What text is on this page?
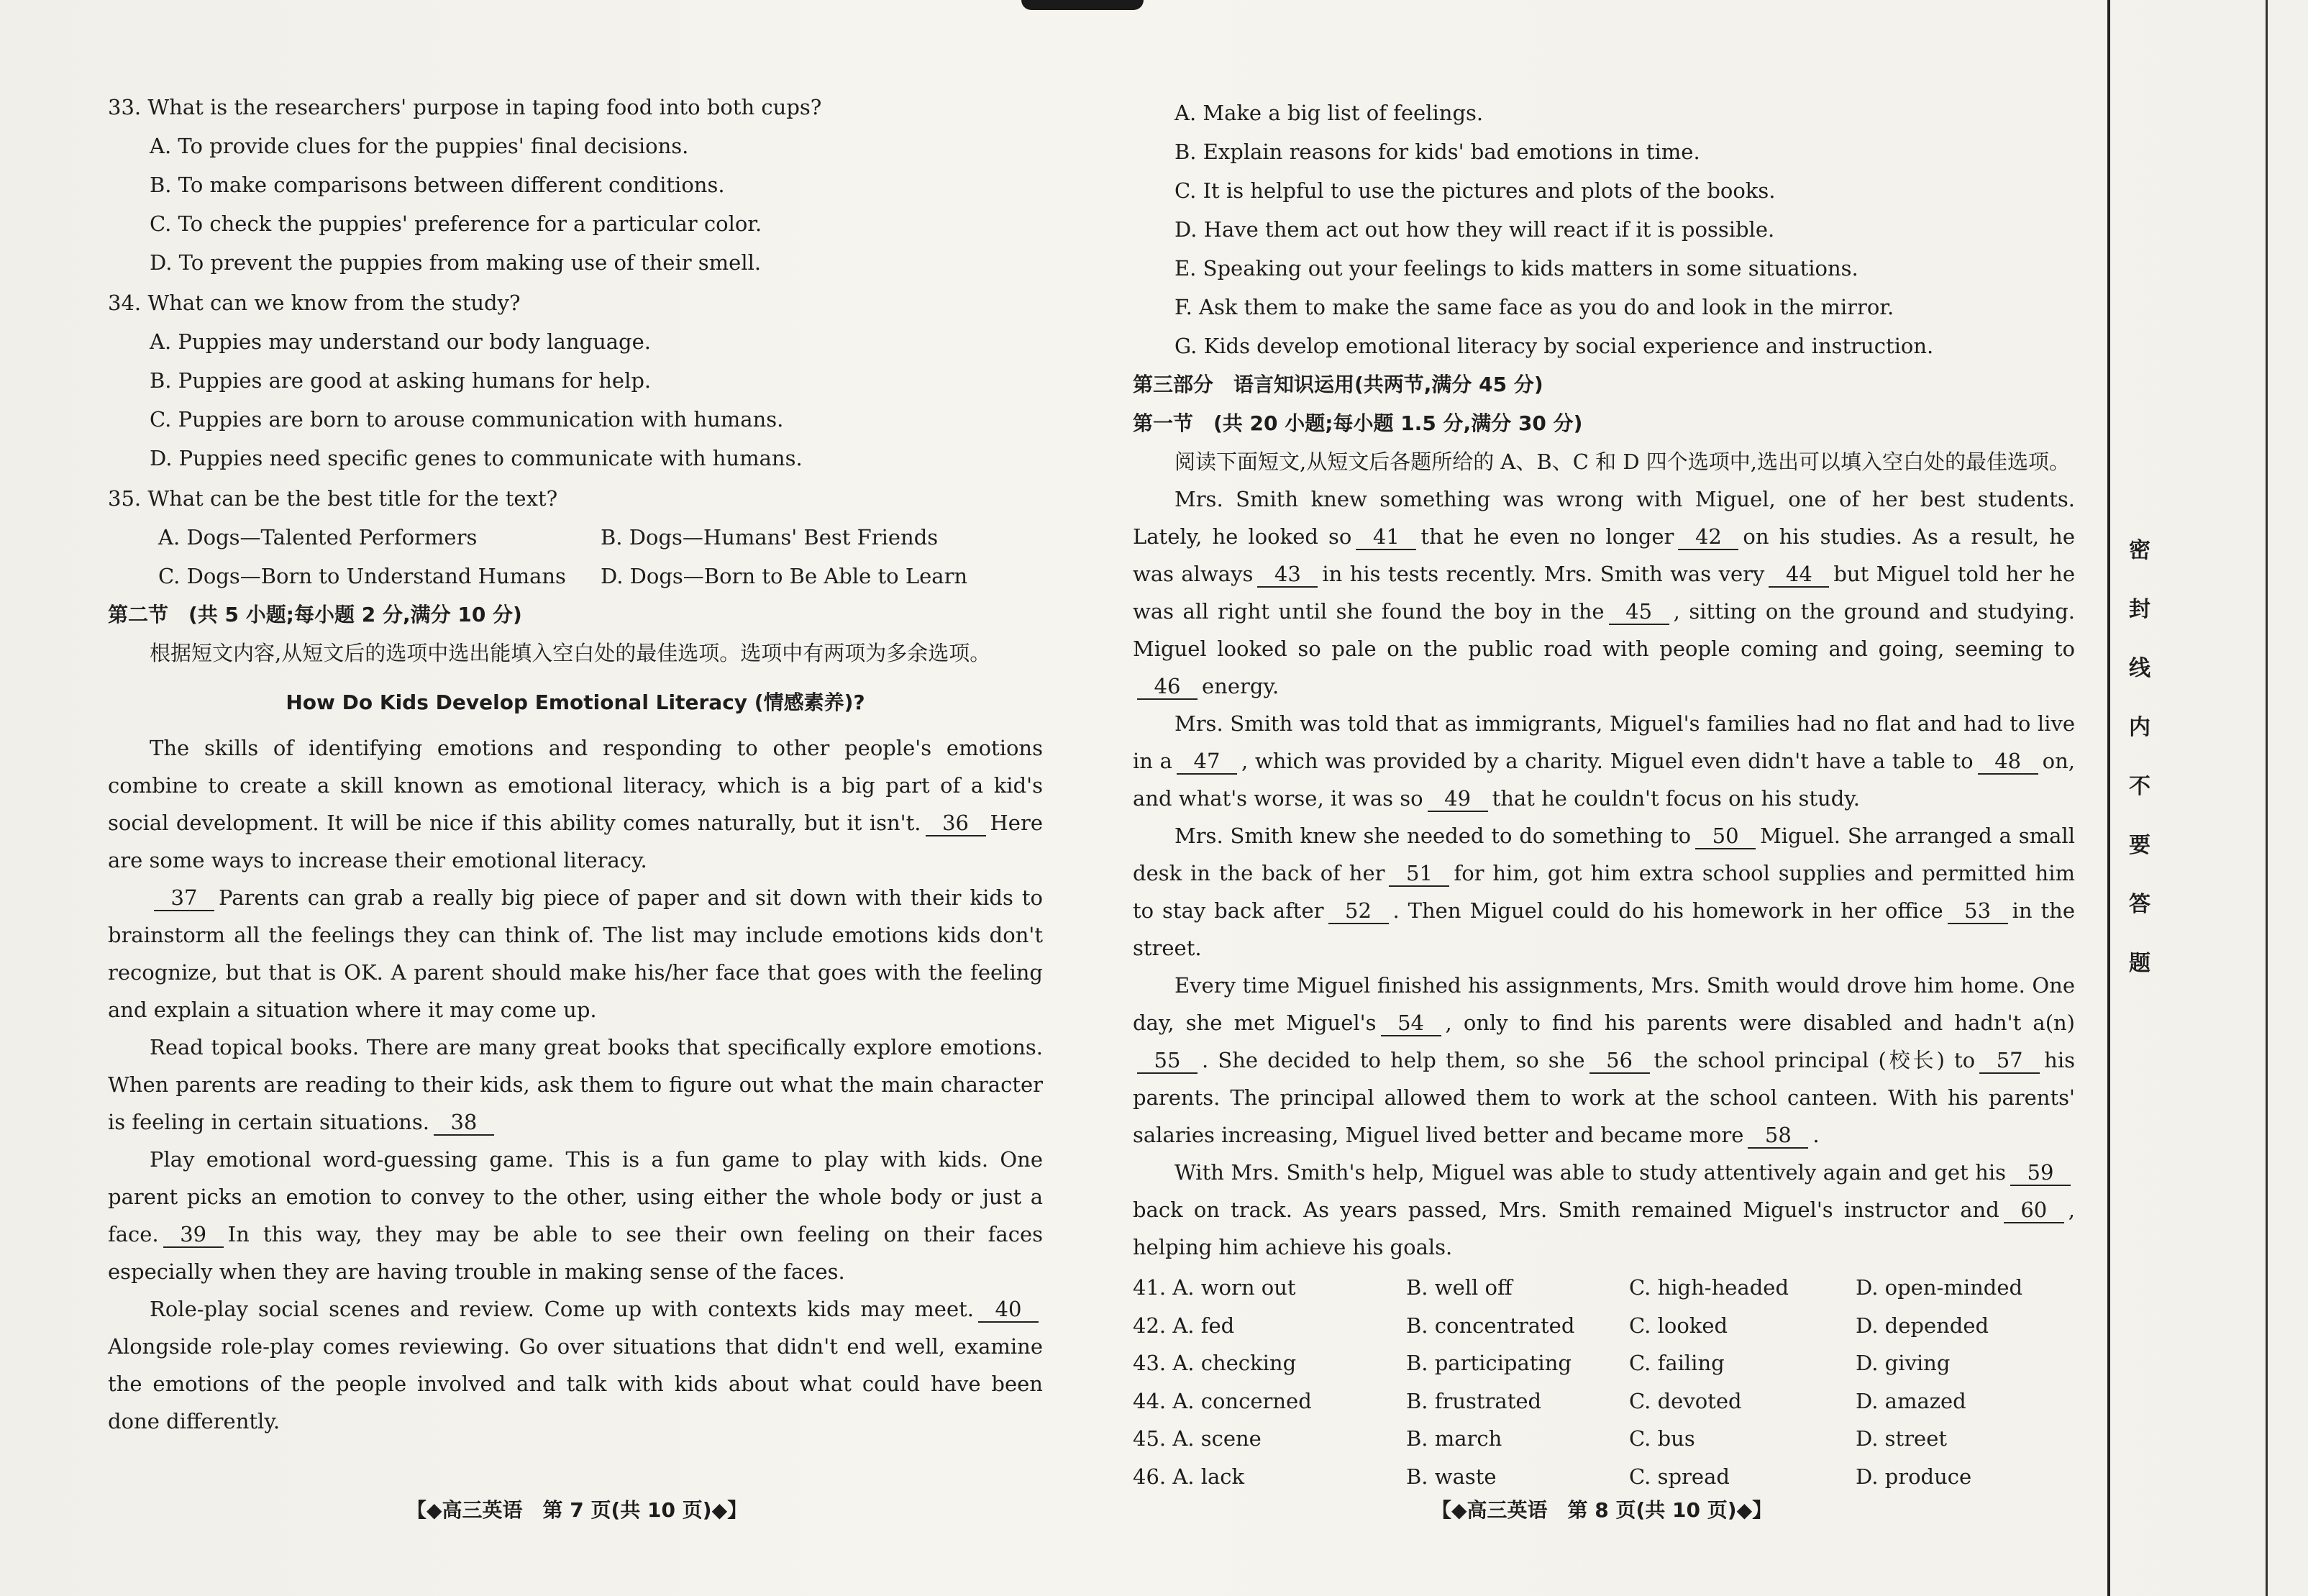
33. What is the researchers' purpose in taping food into both cups?

A. To provide clues for the puppies' final decisions.

B. To make comparisons between different conditions.

C. To check the puppies' preference for a particular color.

D. To prevent the puppies from making use of their smell.

34. What can we know from the study?

A. Puppies may understand our body language.

B. Puppies are good at asking humans for help.

C. Puppies are born to arouse communication with humans.

D. Puppies need specific genes to communicate with humans.

35. What can be the best title for the text?

A. Dogs—Talented Performers	B. Dogs—Humans' Best Friends
C. Dogs—Born to Understand Humans	D. Dogs—Born to Be Able to Learn

第二节　(共 5 小题;每小题 2 分,满分 10 分)

根据短文内容,从短文后的选项中选出能填入空白处的最佳选项。选项中有两项为多余选项。

How Do Kids Develop Emotional Literacy (情感素养)?

The skills of identifying emotions and responding to other people's emotions combine to create a skill known as emotional literacy, which is a big part of a kid's social development. It will be nice if this ability comes naturally, but it isn't. 36 Here are some ways to increase their emotional literacy.

37 Parents can grab a really big piece of paper and sit down with their kids to brainstorm all the feelings they can think of. The list may include emotions kids don't recognize, but that is OK. A parent should make his/her face that goes with the feeling and explain a situation where it may come up.

Read topical books. There are many great books that specifically explore emotions. When parents are reading to their kids, ask them to figure out what the main character is feeling in certain situations. 38

Play emotional word-guessing game. This is a fun game to play with kids. One parent picks an emotion to convey to the other, using either the whole body or just a face. 39 In this way, they may be able to see their own feeling on their faces especially when they are having trouble in making sense of the faces.

Role-play social scenes and review. Come up with contexts kids may meet. 40Alongside role-play comes reviewing. Go over situations that didn't end well, examine the emotions of the people involved and talk with kids about what could have been done differently.

【◆高三英语　第 7 页(共 10 页)◆】

A. Make a big list of feelings.

B. Explain reasons for kids' bad emotions in time.

C. It is helpful to use the pictures and plots of the books.

D. Have them act out how they will react if it is possible.

E. Speaking out your feelings to kids matters in some situations.

F. Ask them to make the same face as you do and look in the mirror.

G. Kids develop emotional literacy by social experience and instruction.

第三部分　语言知识运用(共两节,满分 45 分)

第一节　(共 20 小题;每小题 1.5 分,满分 30 分)

阅读下面短文,从短文后各题所给的 A、B、C 和 D 四个选项中,选出可以填入空白处的最佳选项。

Mrs. Smith knew something was wrong with Miguel, one of her best students. Lately, he looked so 41 that he even no longer 42 on his studies. As a result, he was always 43 in his tests recently. Mrs. Smith was very 44 but Miguel told her he was all right until she found the boy in the 45 , sitting on the ground and studying. Miguel looked so pale on the public road with people coming and going, seeming to46 energy.

Mrs. Smith was told that as immigrants, Miguel's families had no flat and had to live in a 47 , which was provided by a charity. Miguel even didn't have a table to 48 on, and what's worse, it was so 49 that he couldn't focus on his study.

Mrs. Smith knew she needed to do something to 50 Miguel. She arranged a small desk in the back of her 51 for him, got him extra school supplies and permitted him to stay back after 52 . Then Miguel could do his homework in her office 53 in the street.

Every time Miguel finished his assignments, Mrs. Smith would drove him home. One day, she met Miguel's 54 , only to find his parents were disabled and hadn't a(n)55 . She decided to help them, so she 56 the school principal (校长) to 57 his parents. The principal allowed them to work at the school canteen. With his parents' salaries increasing, Miguel lived better and became more 58 .

With Mrs. Smith's help, Miguel was able to study attentively again and get his 59back on track. As years passed, Mrs. Smith remained Miguel's instructor and 60 , helping him achieve his goals.

41. A. worn out	B. well off	C. high-headed	D. open-minded
42. A. fed	B. concentrated	C. looked	D. depended
43. A. checking	B. participating	C. failing	D. giving
44. A. concerned	B. frustrated	C. devoted	D. amazed
45. A. scene	B. march	C. bus	D. street
46. A. lack	B. waste	C. spread	D. produce
【◆高三英语　第 8 页(共 10 页)◆】
密
封
线
内
不
要
答
题
